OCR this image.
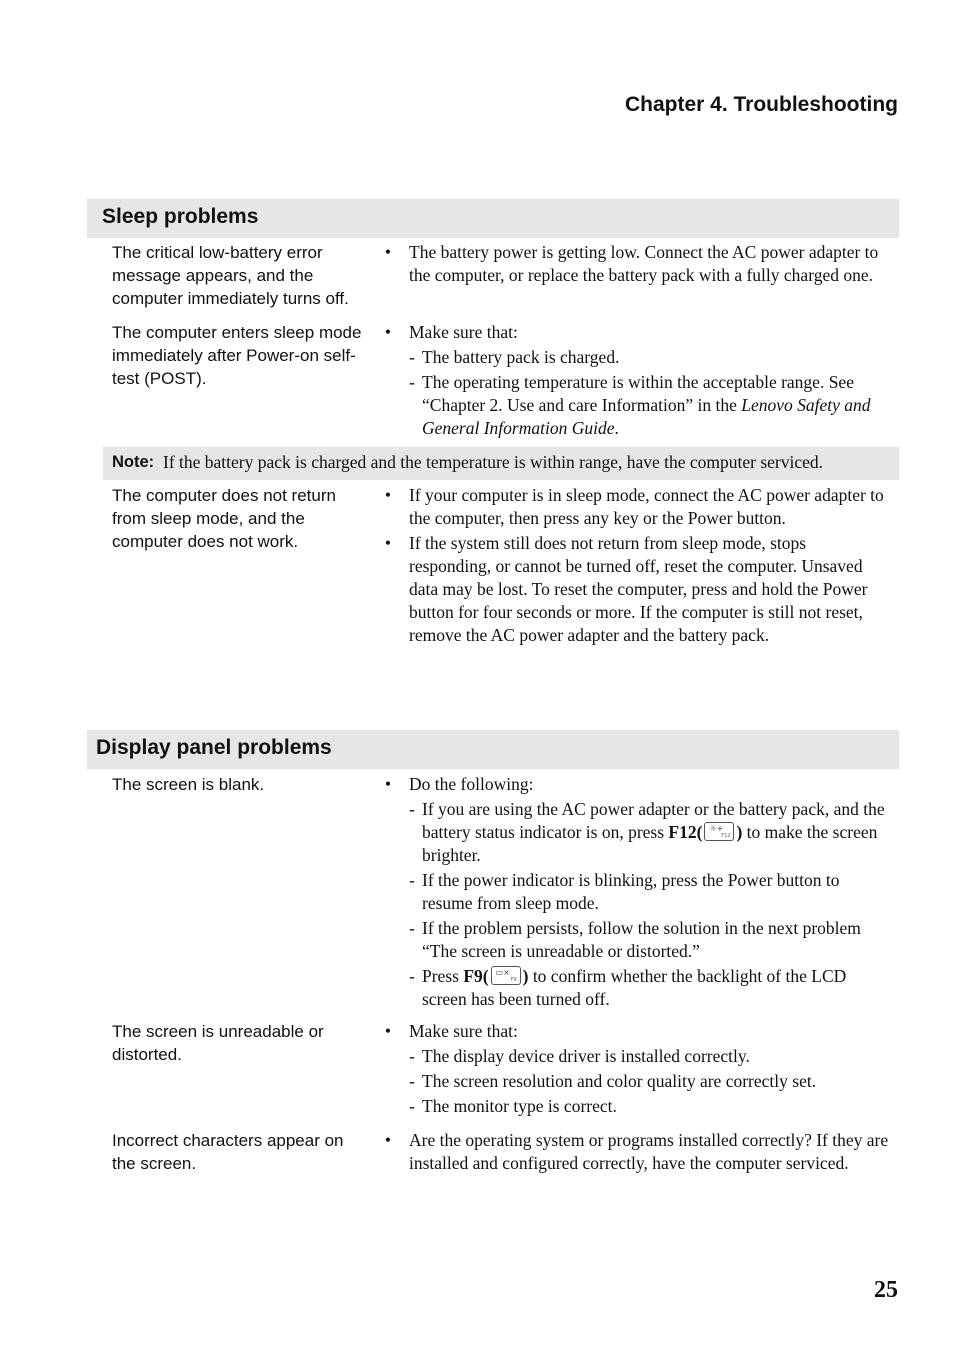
Chapter 4. Troubleshooting
Sleep problems
The critical low-battery error message appears, and the computer immediately turns off.
• The battery power is getting low. Connect the AC power adapter to the computer, or replace the battery pack with a fully charged one.
The computer enters sleep mode immediately after Power-on self-test (POST).
• Make sure that:
- The battery pack is charged.
- The operating temperature is within the acceptable range. See “Chapter 2. Use and care Information” in the Lenovo Safety and General Information Guide.
Note: If the battery pack is charged and the temperature is within range, have the computer serviced.
The computer does not return from sleep mode, and the computer does not work.
• If your computer is in sleep mode, connect the AC power adapter to the computer, then press any key or the Power button.
• If the system still does not return from sleep mode, stops responding, or cannot be turned off, reset the computer. Unsaved data may be lost. To reset the computer, press and hold the Power button for four seconds or more. If the computer is still not reset, remove the AC power adapter and the battery pack.
Display panel problems
The screen is blank.	• Do the following:
- If you are using the AC power adapter or the battery pack, and the battery status indicator is on, press F12( ☼+
F12 ) to make the screen brighter.
- If the power indicator is blinking, press the Power button to resume from sleep mode.
- If the problem persists, follow the solution in the next problem “The screen is unreadable or distorted.”
- Press F9( ▭×
F9 ) to confirm whether the backlight of the LCD screen has been turned off.
The screen is unreadable or distorted.
• Make sure that:
- The display device driver is installed correctly.
- The screen resolution and color quality are correctly set.
- The monitor type is correct.
Incorrect characters appear on the screen.
• Are the operating system or programs installed correctly? If they are installed and configured correctly, have the computer serviced.
25
